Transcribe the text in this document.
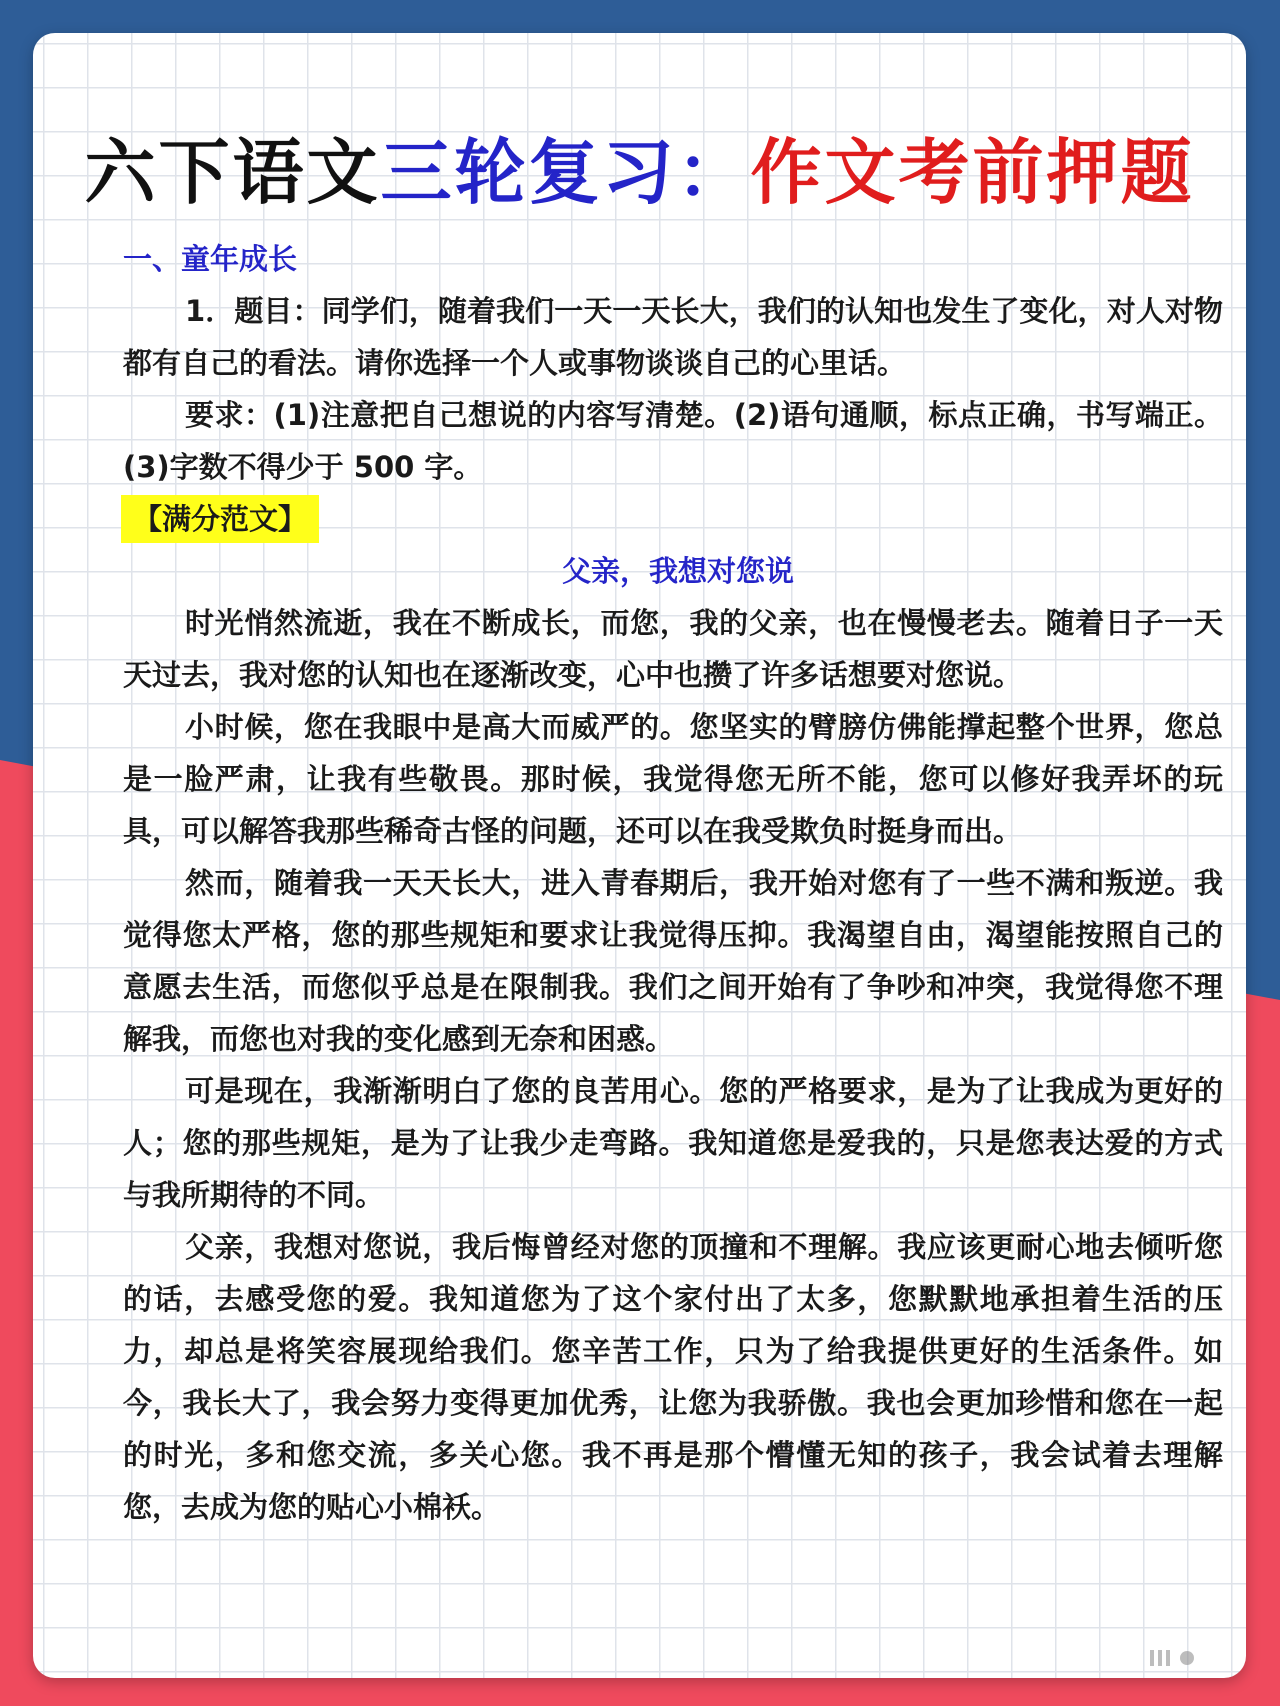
六下语文三轮复习：作文考前押题
一、童年成长

1．题目：同学们，随着我们一天一天长大，我们的认知也发生了变化，对人对物都有自己的看法。请你选择一个人或事物谈谈自己的心里话。

要求：(1)注意把自己想说的内容写清楚。(2)语句通顺，标点正确，书写端正。(3)字数不得少于 500 字。

【满分范文】
父亲，我想对您说

时光悄然流逝，我在不断成长，而您，我的父亲，也在慢慢老去。随着日子一天天过去，我对您的认知也在逐渐改变，心中也攒了许多话想要对您说。

小时候，您在我眼中是高大而威严的。您坚实的臂膀仿佛能撑起整个世界，您总是一脸严肃，让我有些敬畏。那时候，我觉得您无所不能，您可以修好我弄坏的玩具，可以解答我那些稀奇古怪的问题，还可以在我受欺负时挺身而出。

然而，随着我一天天长大，进入青春期后，我开始对您有了一些不满和叛逆。我觉得您太严格，您的那些规矩和要求让我觉得压抑。我渴望自由，渴望能按照自己的意愿去生活，而您似乎总是在限制我。我们之间开始有了争吵和冲突，我觉得您不理解我，而您也对我的变化感到无奈和困惑。

可是现在，我渐渐明白了您的良苦用心。您的严格要求，是为了让我成为更好的人；您的那些规矩，是为了让我少走弯路。我知道您是爱我的，只是您表达爱的方式与我所期待的不同。

父亲，我想对您说，我后悔曾经对您的顶撞和不理解。我应该更耐心地去倾听您的话，去感受您的爱。我知道您为了这个家付出了太多，您默默地承担着生活的压力，却总是将笑容展现给我们。您辛苦工作，只为了给我提供更好的生活条件。如今，我长大了，我会努力变得更加优秀，让您为我骄傲。我也会更加珍惜和您在一起的时光，多和您交流，多关心您。我不再是那个懵懂无知的孩子，我会试着去理解您，去成为您的贴心小棉袄。
